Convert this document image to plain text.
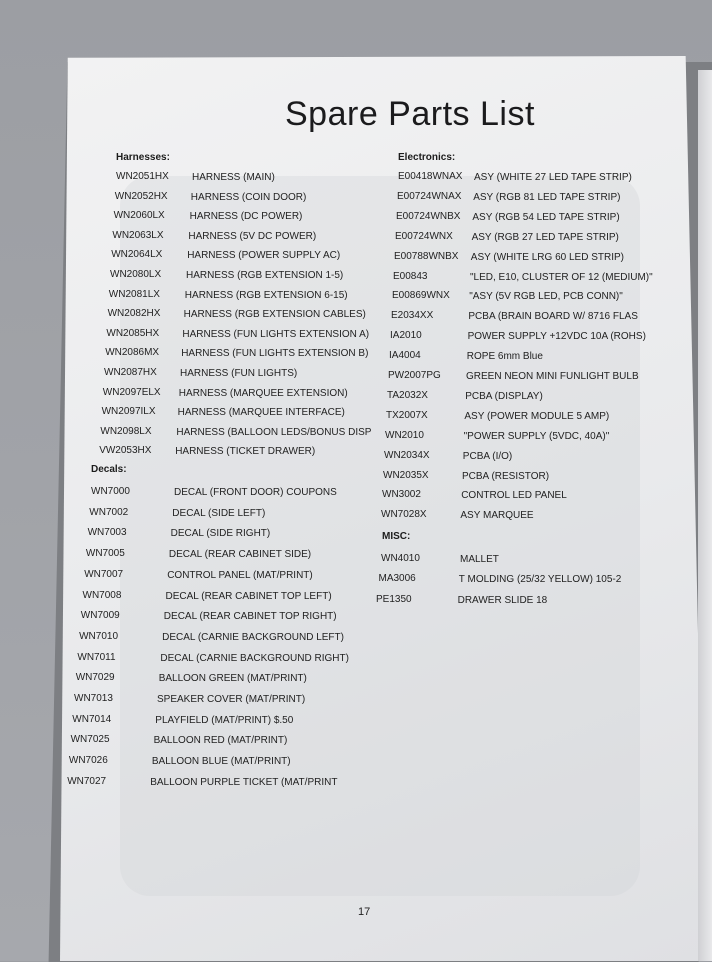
Spare Parts List
Harnesses:
WN2051HX HARNESS (MAIN)
WN2052HX HARNESS (COIN DOOR)
WN2060LX HARNESS (DC POWER)
WN2063LX HARNESS (5V DC POWER)
WN2064LX HARNESS (POWER SUPPLY AC)
WN2080LX HARNESS (RGB EXTENSION 1-5)
WN2081LX HARNESS (RGB EXTENSION 6-15)
WN2082HX HARNESS (RGB EXTENSION CABLES)
WN2085HX HARNESS (FUN LIGHTS EXTENSION A)
WN2086MX HARNESS (FUN LIGHTS EXTENSION B)
WN2087HX HARNESS (FUN LIGHTS)
WN2097ELX HARNESS (MARQUEE EXTENSION)
WN2097ILX HARNESS (MARQUEE INTERFACE)
WN2098LX HARNESS (BALLOON LEDS/BONUS DISP
VW2053HX HARNESS (TICKET DRAWER)
Decals:
WN7000	DECAL (FRONT DOOR) COUPONS
WN7002	DECAL (SIDE LEFT)
WN7003	DECAL (SIDE RIGHT)
WN7005	DECAL (REAR CABINET SIDE)
WN7007	CONTROL PANEL (MAT/PRINT)
WN7008	DECAL (REAR CABINET TOP LEFT)
WN7009	DECAL (REAR CABINET TOP RIGHT)
WN7010	DECAL (CARNIE BACKGROUND LEFT)
WN7011	DECAL (CARNIE BACKGROUND RIGHT)
WN7029	BALLOON GREEN (MAT/PRINT)
WN7013	SPEAKER COVER (MAT/PRINT)
WN7014	PLAYFIELD (MAT/PRINT) $.50
WN7025	BALLOON RED (MAT/PRINT)
WN7026	BALLOON BLUE (MAT/PRINT)
WN7027	BALLOON PURPLE TICKET (MAT/PRINT
Electronics:
E00418WNAX ASY (WHITE 27 LED TAPE STRIP)
E00724WNAX ASY (RGB 81 LED TAPE STRIP)
E00724WNBX ASY (RGB 54 LED TAPE STRIP)
E00724WNX ASY (RGB 27 LED TAPE STRIP)
E00788WNBX ASY (WHITE LRG 60 LED STRIP)
E00843	"LED, E10, CLUSTER OF 12 (MEDIUM)"
E00869WNX "ASY (5V RGB LED, PCB CONN)"
E2034XX	PCBA (BRAIN BOARD W/ 8716 FLAS
IA2010	POWER SUPPLY +12VDC 10A (ROHS)
IA4004	ROPE 6mm Blue
PW2007PG	GREEN NEON MINI FUNLIGHT BULB
TA2032X	PCBA (DISPLAY)
TX2007X	ASY (POWER MODULE 5 AMP)
WN2010	"POWER SUPPLY (5VDC, 40A)"
WN2034X	PCBA (I/O)
WN2035X	PCBA (RESISTOR)
WN3002	CONTROL LED PANEL
WN7028X	ASY MARQUEE
MISC:
WN4010	MALLET
MA3006	T MOLDING (25/32 YELLOW) 105-2
PE1350	DRAWER SLIDE 18
17
